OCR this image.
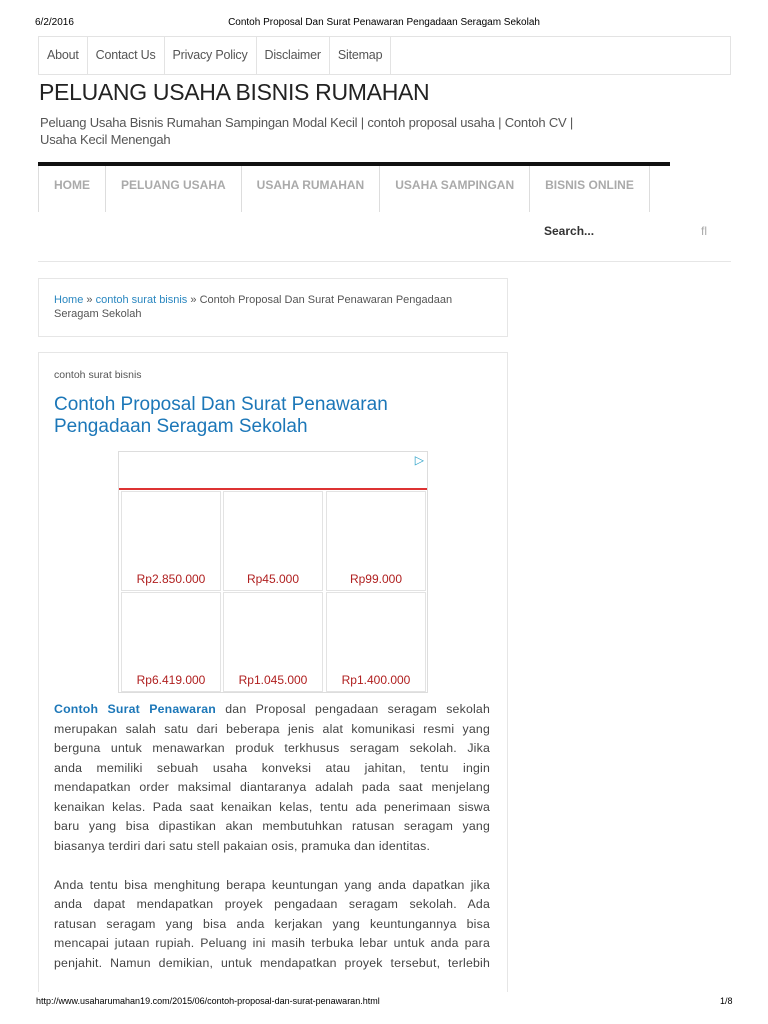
6/2/2016	Contoh Proposal Dan Surat Penawaran Pengadaan Seragam Sekolah
About	Contact Us	Privacy Policy	Disclaimer	Sitemap
PELUANG USAHA BISNIS RUMAHAN
Peluang Usaha Bisnis Rumahan Sampingan Modal Kecil | contoh proposal usaha | Contoh CV | Usaha Kecil Menengah
HOME	PELUANG USAHA	USAHA RUMAHAN	USAHA SAMPINGAN	BISNIS ONLINE
Search...	fl
Home » contoh surat bisnis » Contoh Proposal Dan Surat Penawaran Pengadaan Seragam Sekolah
contoh surat bisnis
Contoh Proposal Dan Surat Penawaran Pengadaan Seragam Sekolah
▷
Rp2.850.000	Rp45.000	Rp99.000
Rp6.419.000	Rp1.045.000	Rp1.400.000
Contoh Surat Penawaran dan Proposal pengadaan seragam sekolah
merupakan salah satu dari beberapa jenis alat komunikasi resmi yang
berguna untuk menawarkan produk terkhusus seragam sekolah. Jika
anda memiliki sebuah usaha konveksi atau jahitan, tentu ingin
mendapatkan order maksimal diantaranya adalah pada saat menjelang
kenaikan kelas. Pada saat kenaikan kelas, tentu ada penerimaan siswa
baru yang bisa dipastikan akan membutuhkan ratusan seragam yang
biasanya terdiri dari satu stell pakaian osis, pramuka dan identitas.
Anda tentu bisa menghitung berapa keuntungan yang anda dapatkan jika
anda dapat mendapatkan proyek pengadaan seragam sekolah. Ada
ratusan seragam yang bisa anda kerjakan yang keuntungannya bisa
mencapai jutaan rupiah. Peluang ini masih terbuka lebar untuk anda para
penjahit. Namun demikian, untuk mendapatkan proyek tersebut, terlebih
http://www.usaharumahan19.com/2015/06/contoh-proposal-dan-surat-penawaran.html	1/8
